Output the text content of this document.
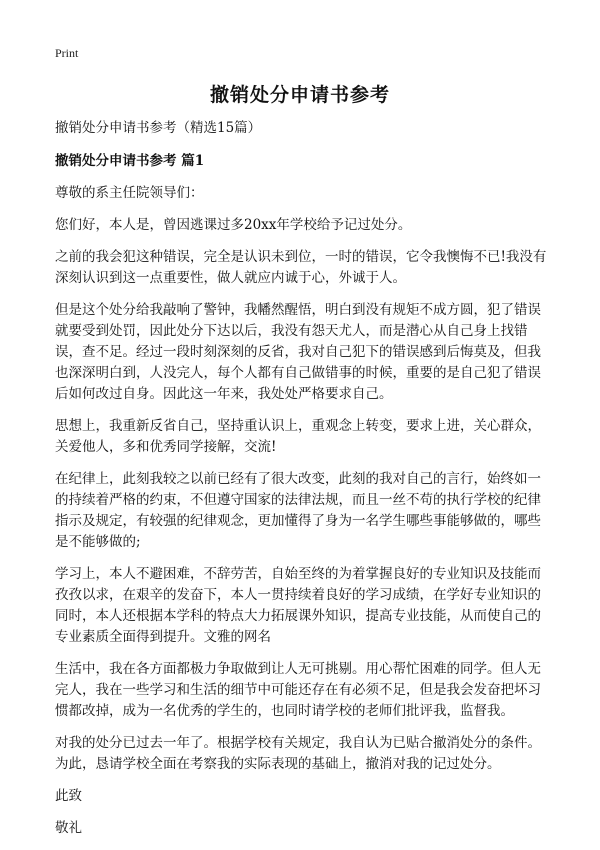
Print
撤销处分申请书参考

撤销处分申请书参考（精选15篇）

撤销处分申请书参考 篇1

尊敬的系主任院领导们：

您们好，本人是，曾因逃课过多20xx年学校给予记过处分。

之前的我会犯这种错误，完全是认识未到位，一时的错误，它令我懊悔不已!我没有深刻认识到这一点重要性，做人就应内诚于心，外诚于人。

但是这个处分给我敲响了警钟，我幡然醒悟，明白到没有规矩不成方圆，犯了错误就要受到处罚，因此处分下达以后，我没有怨天尤人，而是潜心从自己身上找错误，查不足。经过一段时刻深刻的反省，我对自己犯下的错误感到后悔莫及，但我也深深明白到，人没完人，每个人都有自己做错事的时候，重要的是自己犯了错误后如何改过自身。因此这一年来，我处处严格要求自己。

思想上，我重新反省自己，坚持重认识上，重观念上转变，要求上进，关心群众，关爱他人，多和优秀同学接解，交流!

在纪律上，此刻我较之以前已经有了很大改变，此刻的我对自己的言行，始终如一的持续着严格的约束，不但遵守国家的法律法规，而且一丝不苟的执行学校的纪律指示及规定，有较强的纪律观念，更加懂得了身为一名学生哪些事能够做的，哪些是不能够做的;

学习上，本人不避困难，不辞劳苦，自始至终的为着掌握良好的专业知识及技能而孜孜以求，在艰辛的发奋下，本人一贯持续着良好的学习成绩，在学好专业知识的同时，本人还根据本学科的特点大力拓展课外知识，提高专业技能，从而使自己的专业素质全面得到提升。文雅的网名

生活中，我在各方面都极力争取做到让人无可挑剔。用心帮忙困难的同学。但人无完人，我在一些学习和生活的细节中可能还存在有必须不足，但是我会发奋把坏习惯都改掉，成为一名优秀的学生的，也同时请学校的老师们批评我，监督我。

对我的处分已过去一年了。根据学校有关规定，我自认为已贴合撤消处分的条件。为此，恳请学校全面在考察我的实际表现的基础上，撤消对我的记过处分。

此致

敬礼
